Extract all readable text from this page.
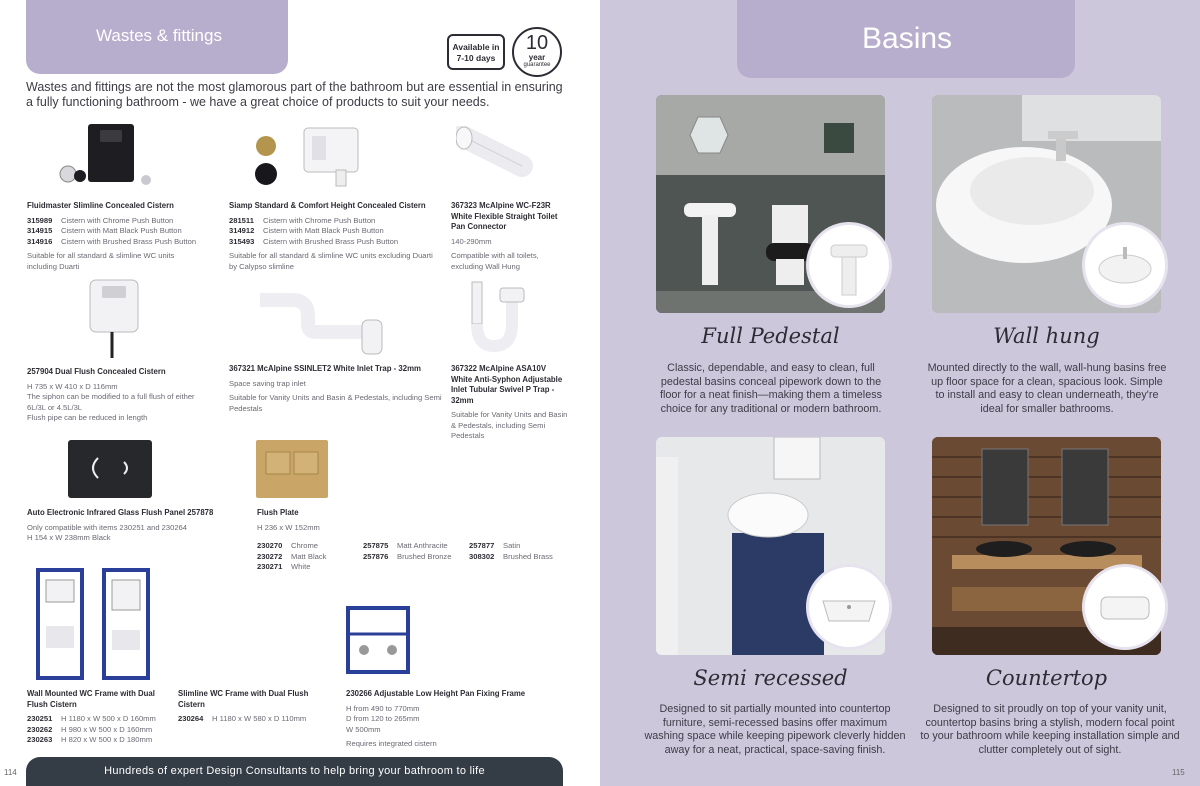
Wastes & fittings
Available in
7-10 days
10
year
guarantee

Wastes and fittings are not the most glamorous part of the bathroom but are essential in ensuring a fully functioning bathroom - we have a great choice of products to suit your needs.

Fluidmaster Slimline Concealed Cistern
315989 Cistern with Chrome Push Button
314915 Cistern with Matt Black Push Button
314916 Cistern with Brushed Brass Push Button
Suitable for all standard & slimline WC units including Duarti
Siamp Standard & Comfort Height Concealed Cistern
281511 Cistern with Chrome Push Button
314912 Cistern with Matt Black Push Button
315493 Cistern with Brushed Brass Push Button
Suitable for all standard & slimline WC units excluding Duarti by Calypso slimline
367323 McAlpine WC-F23R White Flexible Straight Toilet Pan Connector
140-290mm
Compatible with all toilets, excluding Wall Hung
257904 Dual Flush Concealed Cistern
H 735 x W 410 x D 116mm
The siphon can be modified to a full flush of either 6L/3L or 4.5L/3L
Flush pipe can be reduced in length
367321 McAlpine SSINLET2 White Inlet Trap - 32mm
Space saving trap inlet
Suitable for Vanity Units and Basin & Pedestals, including Semi Pedestals
367322 McAlpine ASA10V White Anti-Syphon Adjustable Inlet Tubular Swivel P Trap - 32mm
Suitable for Vanity Units and Basin & Pedestals, including Semi Pedestals
Auto Electronic Infrared Glass Flush Panel 257878
Only compatible with items 230251 and 230264
H 154 x W 238mm Black
Flush Plate
H 236 x W 152mm
230270 Chrome
230272 Matt Black
230271 White
257875 Matt Anthracite
257876 Brushed Bronze
257877 Satin
308302 Brushed Brass
Wall Mounted WC Frame with Dual Flush Cistern
230251 H 1180 x W 500 x D 160mm
230262 H 980 x W 500 x D 160mm
230263 H 820 x W 500 x D 180mm
Slimline WC Frame with Dual Flush Cistern
230264 H 1180 x W 580 x D 110mm
230266 Adjustable Low Height Pan Fixing Frame
H from 490 to 770mm
D from 120 to 265mm
W 500mm
Requires integrated cistern
Hundreds of expert Design Consultants to help bring your bathroom to life
114
Basins
Full Pedestal	Wall hung
Classic, dependable, and easy to clean, full pedestal basins conceal pipework down to the floor for a neat finish—making them a timeless choice for any traditional or modern bathroom.
Mounted directly to the wall, wall-hung basins free up floor space for a clean, spacious look. Simple to install and easy to clean underneath, they're ideal for smaller bathrooms.
Semi recessed	Countertop
Designed to sit partially mounted into countertop furniture, semi-recessed basins offer maximum washing space while keeping pipework cleverly hidden away for a neat, practical, space-saving finish.
Designed to sit proudly on top of your vanity unit, countertop basins bring a stylish, modern focal point to your bathroom while keeping installation simple and clutter completely out of sight.
115
